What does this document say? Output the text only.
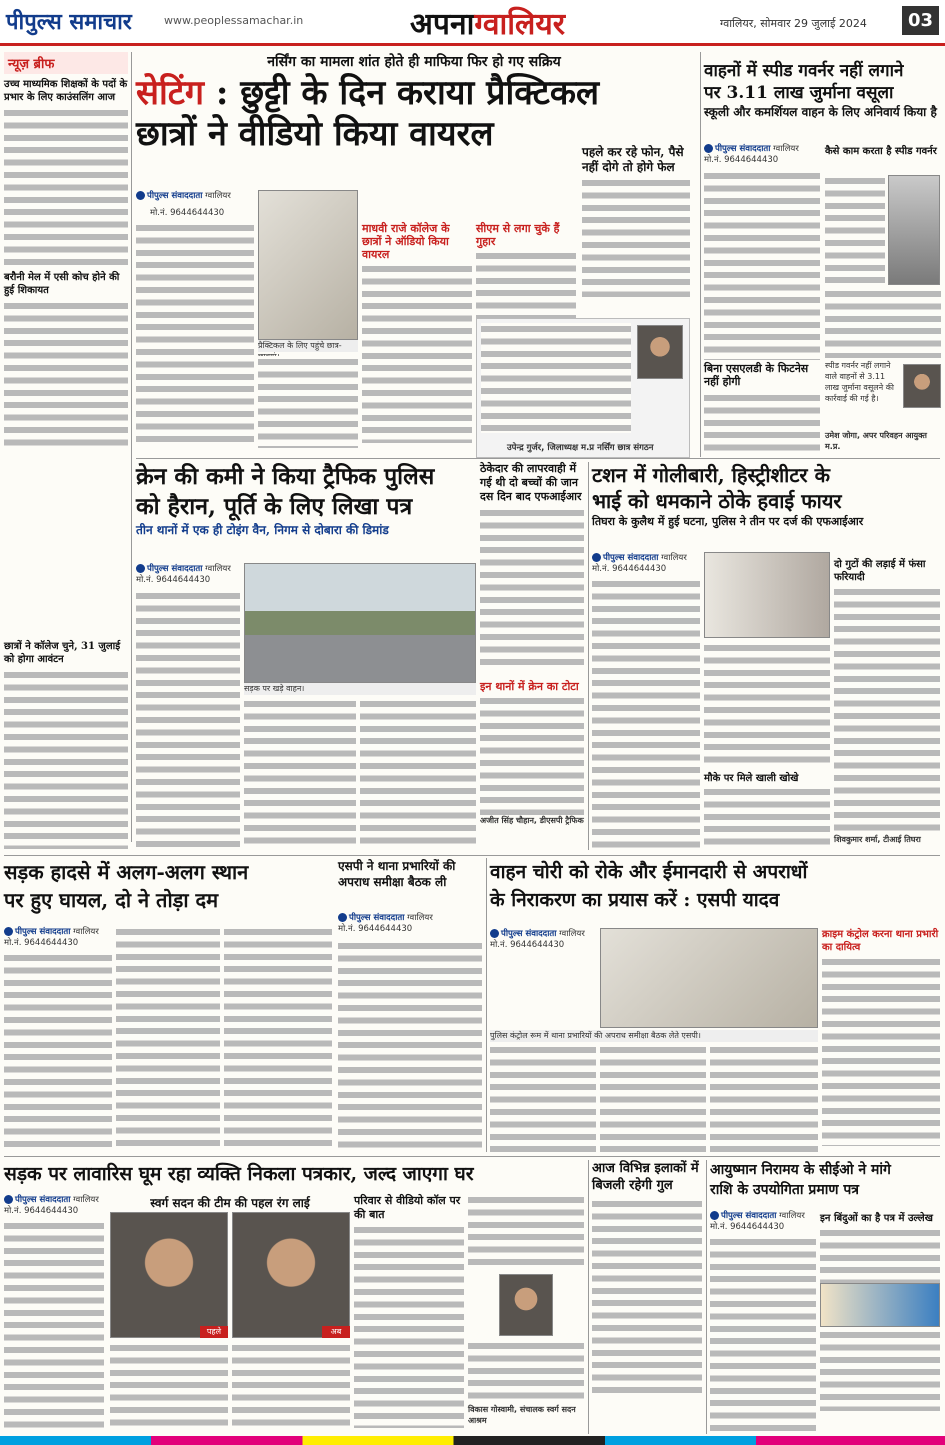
पीपुल्स समाचार	www.peoplessamachar.in	अपनाग्वालियर	ग्वालियर, सोमवार 29 जुलाई 2024	03
न्यूज़ ब्रीफ
उच्च माध्यमिक शिक्षकों के पदों के प्रभार के लिए काउंसलिंग आज
बरौनी मेल में एसी कोच होने की हुई शिकायत
छात्रों ने कॉलेज चुने, 31 जुलाई को होगा आवंटन
नर्सिंग का मामला शांत होते ही माफिया फिर हो गए सक्रिय
सेटिंग : छुट्टी के दिन कराया प्रैक्टिकल
छात्रों ने वीडियो किया वायरल
पीपुल्स संवाददाता ग्वालियर
मो.नं. 9644644430
प्रैक्टिकल के लिए पहुंचे छात्र-
माधवी राजे कॉलेज के छात्रों ने ऑडियो किया वायरल
सीएम से लगा चुके हैं गुहार
पहले कर रहे फोन, पैसे नहीं दोगे तो होगे फेल
उपेन्द्र गुर्जर, जिलाध्यक्ष म.प्र नर्सिंग छात्र संगठन
वाहनों में स्पीड गवर्नर नहीं लगाने
पर 3.11 लाख जुर्माना वसूला
स्कूली और कमर्शियल वाहन के लिए अनिवार्य किया है
पीपुल्स संवाददाता ग्वालियर
मो.नं. 9644644430
बिना एसएलडी के फिटनेस नहीं होगी
कैसे काम करता है स्पीड गवर्नर
स्पीड गवर्नर नहीं लगाने वाले वाहनों से 3.11 लाख जुर्माना वसूलने की कार्रवाई की गई है।
उमेश जोगा, अपर परिवहन आयुक्त म.प्र.
क्रेन की कमी ने किया ट्रैफिक पुलिस
को हैरान, पूर्ति के लिए लिखा पत्र
तीन थानों में एक ही टोइंग वैन, निगम से दोबारा की डिमांड
पीपुल्स संवाददाता ग्वालियर
मो.नं. 9644644430
सड़क पर खड़े वाहन।	इन थानों में क्रेन का टोटा
अजीत सिंह चौहान, डीएसपी ट्रैफिक
ठेकेदार की लापरवाही में गई थी दो बच्चों की जान दस दिन बाद एफआईआर
टशन में गोलीबारी, हिस्ट्रीशीटर के
भाई को धमकाने ठोके हवाई फायर
तिघरा के कुलैथ में हुई घटना, पुलिस ने तीन पर दर्ज की एफआईआर
पीपुल्स संवाददाता ग्वालियर
मो.नं. 9644644430
मौके पर मिले खाली खोखे
दो गुटों की लड़ाई में फंसा फरियादी
शिवकुमार शर्मा, टीआई तिघरा
सड़क हादसे में अलग-अलग स्थान
पर हुए घायल, दो ने तोड़ा दम
पीपुल्स संवाददाता ग्वालियर
मो.नं. 9644644430
एसपी ने थाना प्रभारियों की अपराध समीक्षा बैठक ली
पीपुल्स संवाददाता ग्वालियर
मो.नं. 9644644430
वाहन चोरी को रोके और ईमानदारी से अपराधों
के निराकरण का प्रयास करें : एसपी यादव
पीपुल्स संवाददाता ग्वालियर
मो.नं. 9644644430
पुलिस कंट्रोल रूम में थाना प्रभारियों की अपराध समीक्षा बैठक लेते एसपी।
क्राइम कंट्रोल करना थाना प्रभारी का दायित्व
सड़क पर लावारिस घूम रहा व्यक्ति निकला पत्रकार, जल्द जाएगा घर
पीपुल्स संवाददाता ग्वालियर
मो.नं. 9644644430
स्वर्ग सदन की टीम की पहल रंग लाई
पहले	अब
परिवार से वीडियो कॉल पर की बात
विकास गोस्वामी, संचालक स्वर्ग सदन आश्रम
आज विभिन्न इलाकों में बिजली रहेगी गुल
आयुष्मान निरामय के सीईओ ने मांगे
राशि के उपयोगिता प्रमाण पत्र
पीपुल्स संवाददाता ग्वालियर
मो.नं. 9644644430
इन बिंदुओं का है पत्र में उल्लेख
